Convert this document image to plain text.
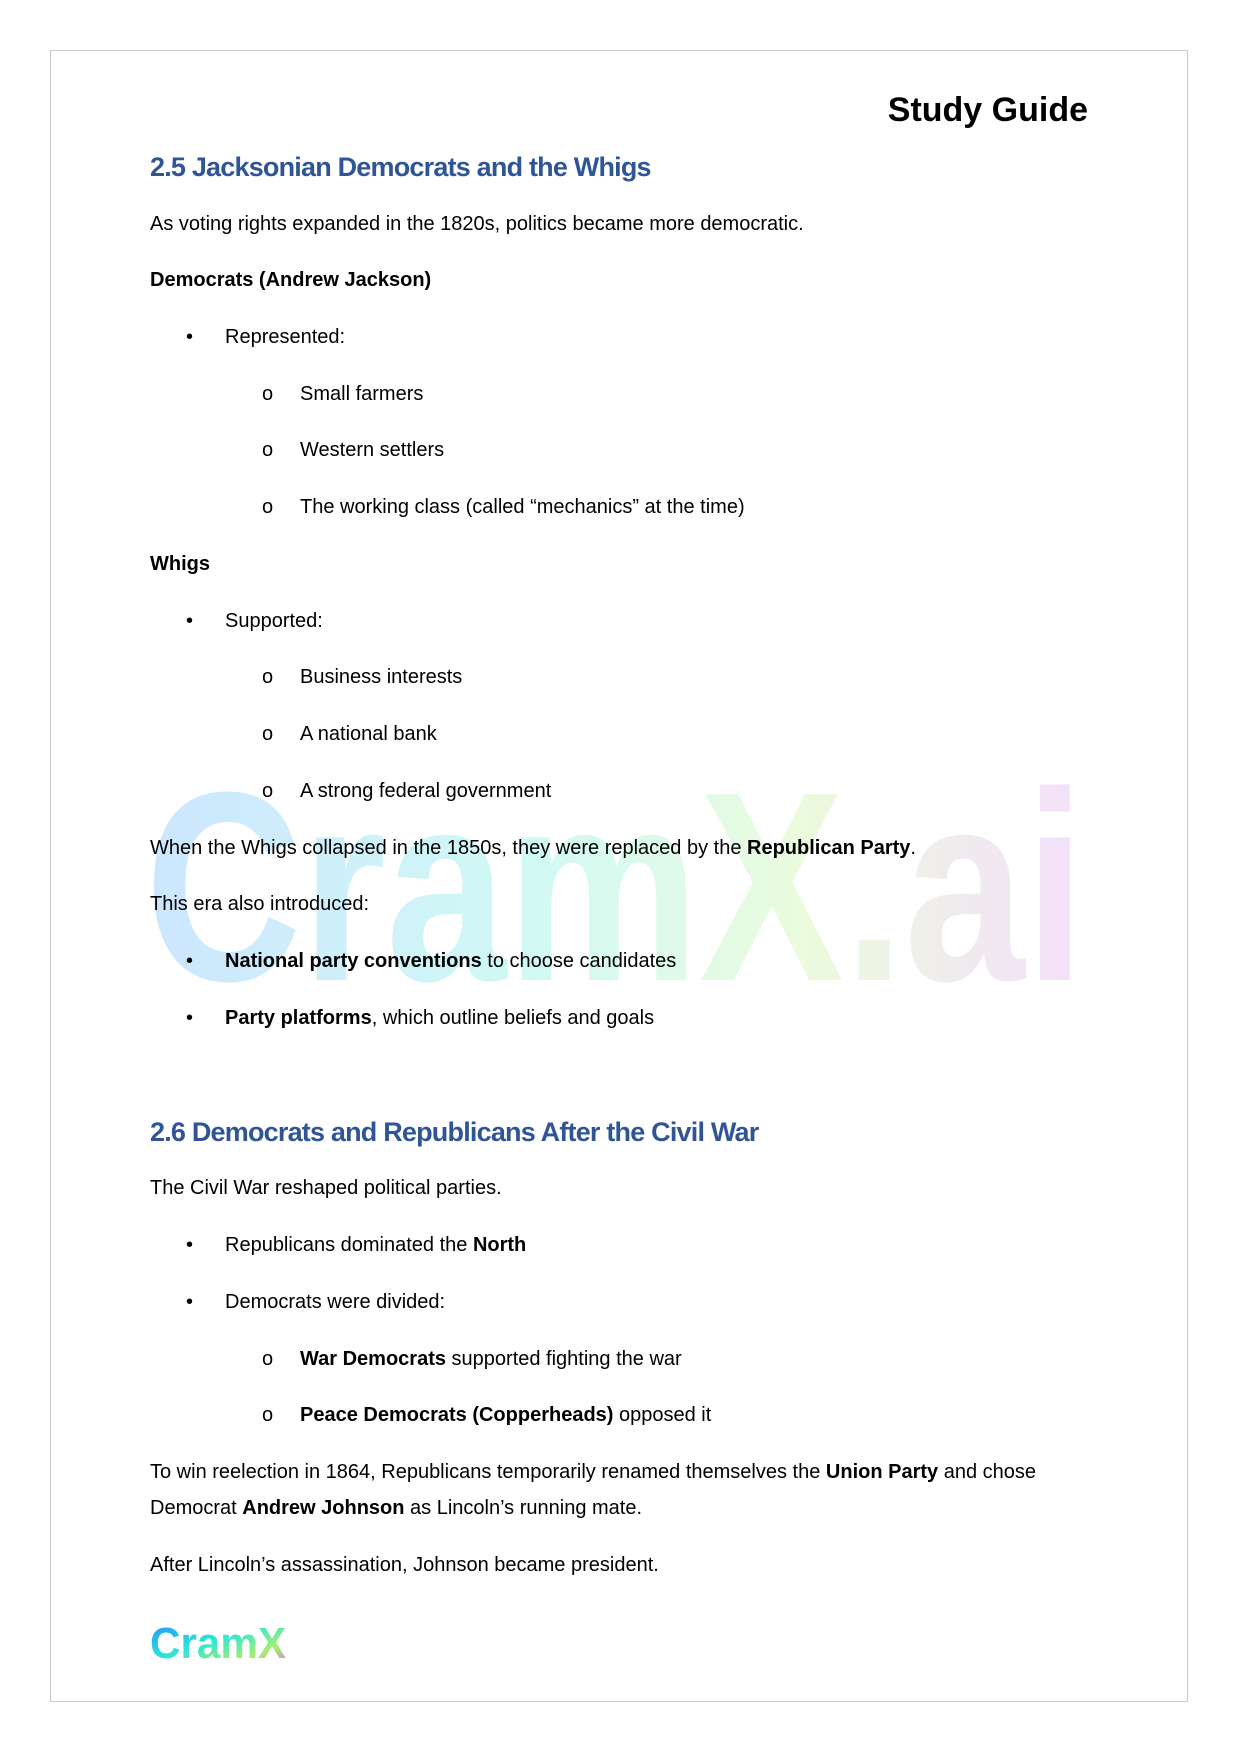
CramX.ai
Study Guide
2.5 Jacksonian Democrats and the Whigs
As voting rights expanded in the 1820s, politics became more democratic.
Democrats (Andrew Jackson)
• Represented:
o Small farmers
o Western settlers
o The working class (called “mechanics” at the time)
Whigs
• Supported:
o Business interests
o A national bank
o A strong federal government
When the Whigs collapsed in the 1850s, they were replaced by the Republican Party.
This era also introduced:
• National party conventions to choose candidates
• Party platforms, which outline beliefs and goals
2.6 Democrats and Republicans After the Civil War
The Civil War reshaped political parties.
• Republicans dominated the North
• Democrats were divided:
o War Democrats supported fighting the war
o Peace Democrats (Copperheads) opposed it
To win reelection in 1864, Republicans temporarily renamed themselves the Union Party and chose
Democrat Andrew Johnson as Lincoln’s running mate.
After Lincoln’s assassination, Johnson became president.
CramX
